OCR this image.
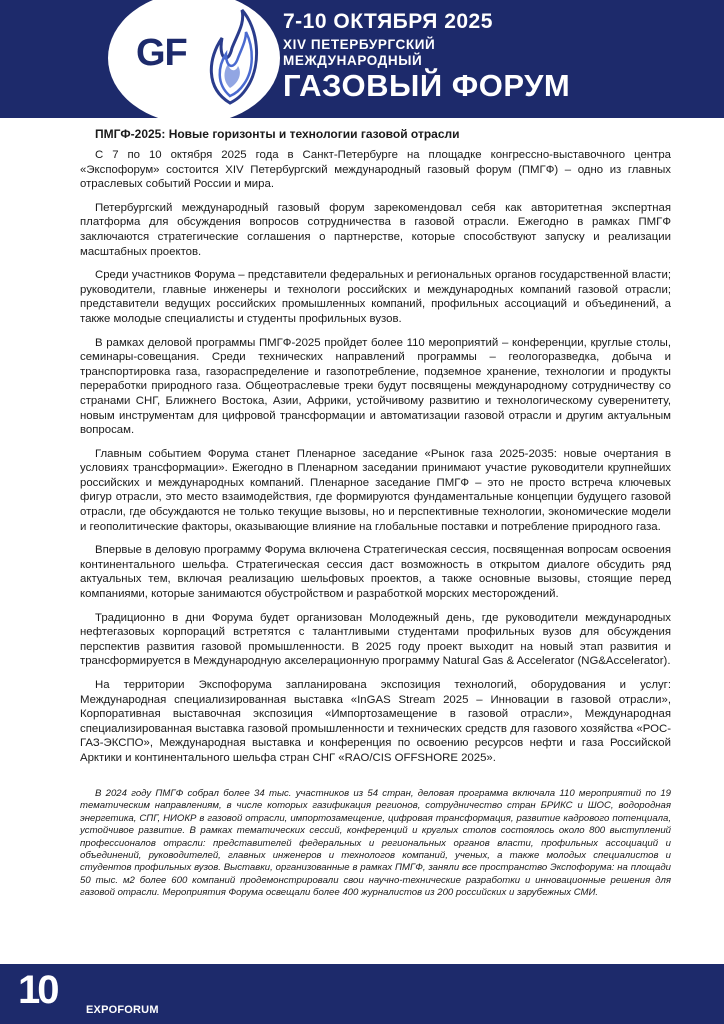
GF
7-10 ОКТЯБРЯ 2025
XIV ПЕТЕРБУРГСКИЙ
МЕЖДУНАРОДНЫЙ
ГАЗОВЫЙ ФОРУМ
ПМГФ-2025: Новые горизонты и технологии газовой отрасли

С 7 по 10 октября 2025 года в Санкт-Петербурге на площадке конгрессно-выставочного центра «Экспофорум» состоится XIV Петербургский международный газовый форум (ПМГФ) – одно из главных отраслевых событий России и мира.

Петербургский международный газовый форум зарекомендовал себя как авторитетная экспертная платформа для обсуждения вопросов сотрудничества в газовой отрасли. Ежегодно в рамках ПМГФ заключаются стратегические соглашения о партнерстве, которые способствуют запуску и реализации масштабных проектов.

Среди участников Форума – представители федеральных и региональных органов государственной власти; руководители, главные инженеры и технологи российских и международных компаний газовой отрасли; представители ведущих российских промышленных компаний, профильных ассоциаций и объединений, а также молодые специалисты и студенты профильных вузов.

В рамках деловой программы ПМГФ-2025 пройдет более 110 мероприятий – конференции, круглые столы, семинары-совещания. Среди технических направлений программы – геологоразведка, добыча и транспортировка газа, газораспределение и газопотребление, подземное хранение, технологии и продукты переработки природного газа. Общеотраслевые треки будут посвящены международному сотрудничеству со странами СНГ, Ближнего Востока, Азии, Африки, устойчивому развитию и технологическому суверенитету, новым инструментам для цифровой трансформации и автоматизации газовой отрасли и другим актуальным вопросам.

Главным событием Форума станет Пленарное заседание «Рынок газа 2025-2035: новые очертания в условиях трансформации». Ежегодно в Пленарном заседании принимают участие руководители крупнейших российских и международных компаний. Пленарное заседание ПМГФ – это не просто встреча ключевых фигур отрасли, это место взаимодействия, где формируются фундаментальные концепции будущего газовой отрасли, где обсуждаются не только текущие вызовы, но и перспективные технологии, экономические модели и геополитические факторы, оказывающие влияние на глобальные поставки и потребление природного газа.

Впервые в деловую программу Форума включена Стратегическая сессия, посвященная вопросам освоения континентального шельфа. Стратегическая сессия даст возможность в открытом диалоге обсудить ряд актуальных тем, включая реализацию шельфовых проектов, а также основные вызовы, стоящие перед компаниями, которые занимаются обустройством и разработкой морских месторождений.

Традиционно в дни Форума будет организован Молодежный день, где руководители международных нефтегазовых корпораций встретятся с талантливыми студентами профильных вузов для обсуждения перспектив развития газовой промышленности. В 2025 году проект выходит на новый этап развития и трансформируется в Международную акселерационную программу Natural Gas & Accelerator (NG&Accelerator).

На территории Экспофорума запланирована экспозиция технологий, оборудования и услуг: Международная специализированная выставка «InGAS Stream 2025 – Инновации в газовой отрасли», Корпоративная выставочная экспозиция «Импортозамещение в газовой отрасли», Международная специализированная выставка газовой промышленности и технических средств для газового хозяйства «РОС-ГАЗ-ЭКСПО», Международная выставка и конференция по освоению ресурсов нефти и газа Российской Арктики и континентального шельфа стран СНГ «RAO/CIS OFFSHORE 2025».

В 2024 году ПМГФ собрал более 34 тыс. участников из 54 стран, деловая программа включала 110 мероприятий по 19 тематическим направлениям, в числе которых газификация регионов, сотрудничество стран БРИКС и ШОС, водородная энергетика, СПГ, НИОКР в газовой отрасли, импортозамещение, цифровая трансформация, развитие кадрового потенциала, устойчивое развитие. В рамках тематических сессий, конференций и круглых столов состоялось около 800 выступлений профессионалов отрасли: представителей федеральных и региональных органов власти, профильных ассоциаций и объединений, руководителей, главных инженеров и технологов компаний, ученых, а также молодых специалистов и студентов профильных вузов. Выставки, организованные в рамках ПМГФ, заняли все пространство Экспофорума: на площади 50 тыс. м2 более 600 компаний продемонстрировали свои научно-технические разработки и инновационные решения для газовой отрасли. Мероприятия Форума освещали более 400 журналистов из 200 российских и зарубежных СМИ.

10	EXPOFORUM
